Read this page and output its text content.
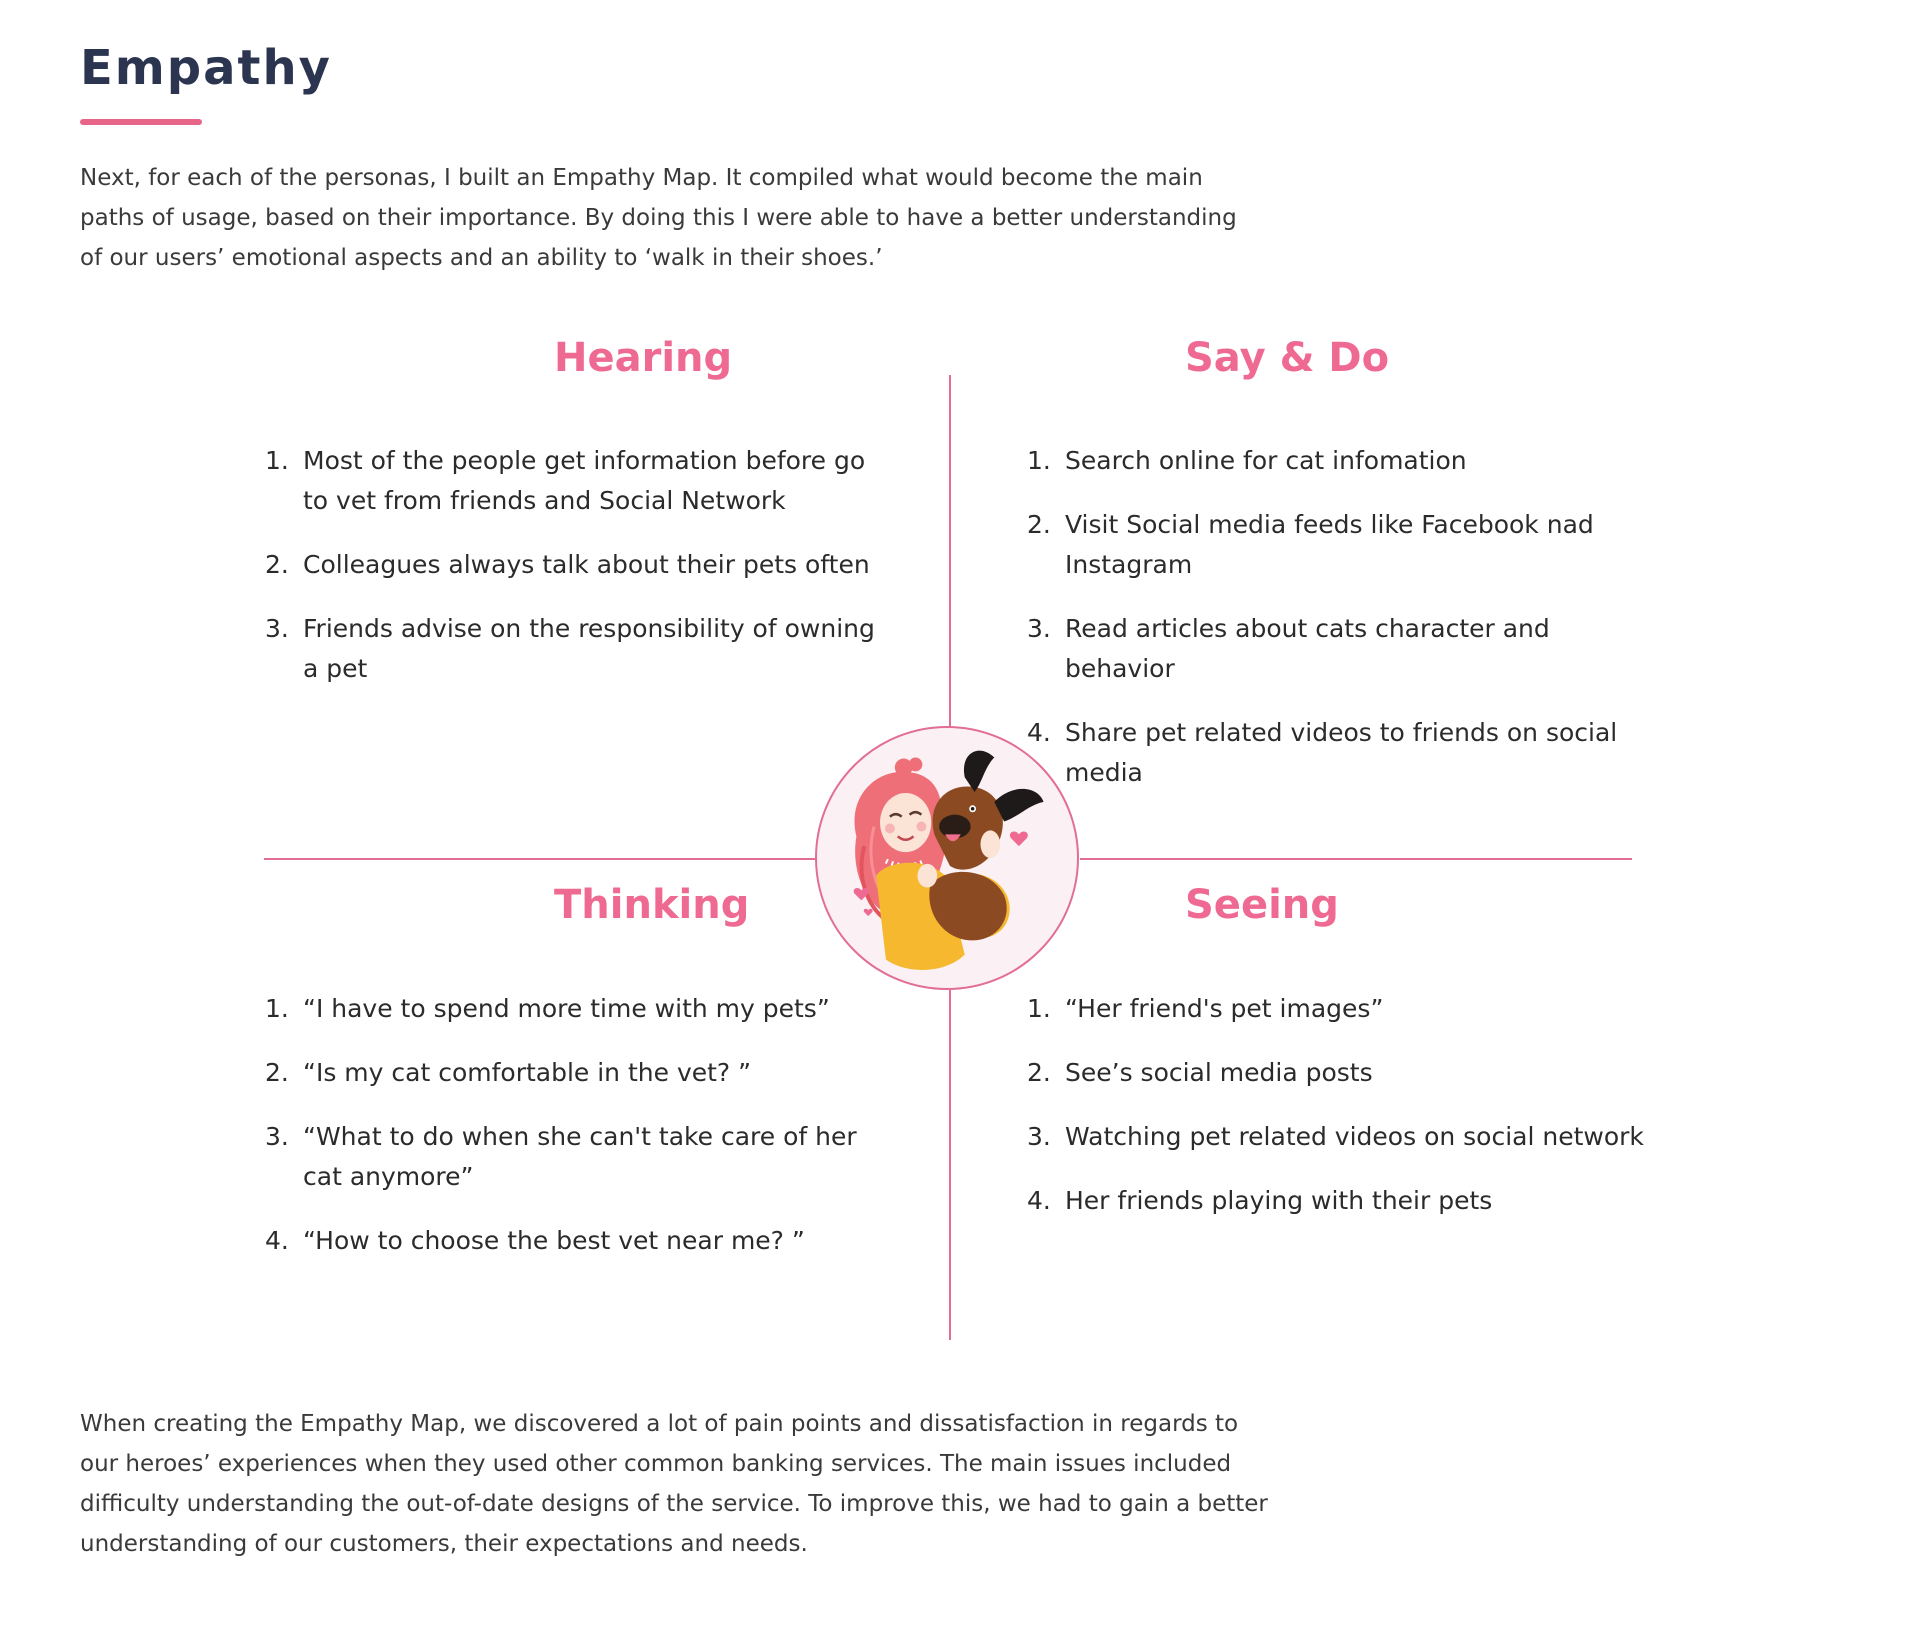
Empathy

Next, for each of the personas, I built an Empathy Map. It compiled what would become the main paths of usage, based on their importance. By doing this I were able to have a better understanding of our users’ emotional aspects and an ability to ‘walk in their shoes.’

Hearing
1. Most of the people get information before go to vet from friends and Social Network
2. Colleagues always talk about their pets often
3. Friends advise on the responsibility of owning a pet
Say & Do
1. Search online for cat infomation
2. Visit Social media feeds like Facebook nad Instagram
3. Read articles about cats character and behavior
4. Share pet related videos to friends on social media
Thinking
1. “I have to spend more time with my pets”
2. “Is my cat comfortable in the vet? ”
3. “What to do when she can't take care of her cat anymore”
4. “How to choose the best vet near me? ”
Seeing
1. “Her friend's pet images”
2. See’s social media posts
3. Watching pet related videos on social network
4. Her friends playing with their pets

When creating the Empathy Map, we discovered a lot of pain points and dissatisfaction in regards to our heroes’ experiences when they used other common banking services. The main issues included difficulty understanding the out-of-date designs of the service. To improve this, we had to gain a better understanding of our customers, their expectations and needs.
